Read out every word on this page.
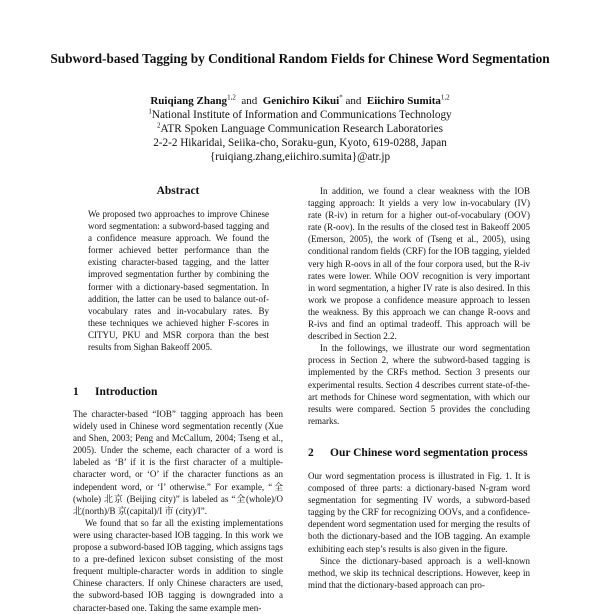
Subword-based Tagging by Conditional Random Fields for Chinese Word Segmentation
Ruiqiang Zhang$^{1,2}$ and Genichiro Kikui* and Eiichiro Sumita$^{1,2}$
$^1$National Institute of Information and Communications Technology
$^2$ATR Spoken Language Communication Research Laboratories
2-2-2 Hikaridai, Seiika-cho, Soraku-gun, Kyoto, 619-0288, Japan
{ruiqiang.zhang,eiichiro.sumita}@atr.jp
Abstract
We proposed two approaches to improve Chinese word segmentation: a subword-based tagging and a confidence measure approach. We found the former achieved better performance than the existing character-based tagging, and the latter improved segmentation further by combining the former with a dictionary-based segmentation. In addition, the latter can be used to balance out-of-vocabulary rates and in-vocabulary rates. By these techniques we achieved higher F-scores in CITYU, PKU and MSR corpora than the best results from Sighan Bakeoff 2005.
1 Introduction

The character-based “IOB” tagging approach has been widely used in Chinese word segmentation recently (Xue and Shen, 2003; Peng and McCallum, 2004; Tseng et al., 2005). Under the scheme, each character of a word is labeled as ‘B’ if it is the first character of a multiple-character word, or ‘O’ if the character functions as an independent word, or ‘I’ otherwise.” For example, “全(whole) 北京 (Beijing city)” is labeled as “全(whole)/O 北(north)/B 京(capital)/I 市 (city)/I”.

We found that so far all the existing implementations were using character-based IOB tagging. In this work we propose a subword-based IOB tagging, which assigns tags to a pre-defined lexicon subset consisting of the most frequent multiple-character words in addition to single Chinese characters. If only Chinese characters are used, the subword-based IOB tagging is downgraded into a character-based one. Taking the same example men-

In addition, we found a clear weakness with the IOB tagging approach: It yields a very low in-vocabulary (IV) rate (R-iv) in return for a higher out-of-vocabulary (OOV) rate (R-oov). In the results of the closed test in Bakeoff 2005 (Emerson, 2005), the work of (Tseng et al., 2005), using conditional random fields (CRF) for the IOB tagging, yielded very high R-oovs in all of the four corpora used, but the R-iv rates were lower. While OOV recognition is very important in word segmentation, a higher IV rate is also desired. In this work we propose a confidence measure approach to lessen the weakness. By this approach we can change R-oovs and R-ivs and find an optimal tradeoff. This approach will be described in Section 2.2.

In the followings, we illustrate our word segmentation process in Section 2, where the subword-based tagging is implemented by the CRFs method. Section 3 presents our experimental results. Section 4 describes current state-of-the-art methods for Chinese word segmentation, with which our results were compared. Section 5 provides the concluding remarks.

2 Our Chinese word segmentation process

Our word segmentation process is illustrated in Fig. 1. It is composed of three parts: a dictionary-based N-gram word segmentation for segmenting IV words, a subword-based tagging by the CRF for recognizing OOVs, and a confidence-dependent word segmentation used for merging the results of both the dictionary-based and the IOB tagging. An example exhibiting each step’s results is also given in the figure.

Since the dictionary-based approach is a well-known method, we skip its technical descriptions. However, keep in mind that the dictionary-based approach can pro-
